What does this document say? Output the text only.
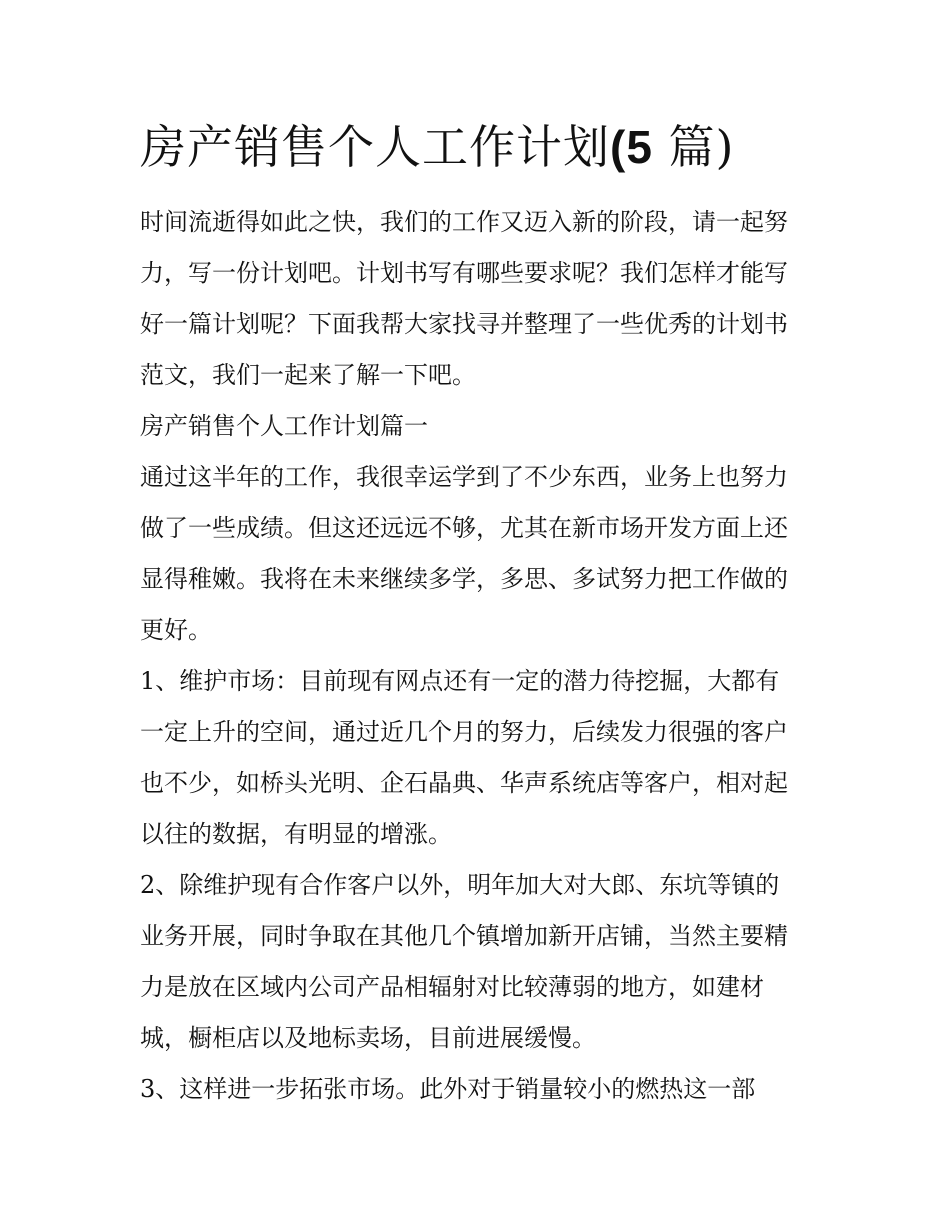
房产销售个人工作计划(5 篇)
时间流逝得如此之快，我们的工作又迈入新的阶段，请一起努
力，写一份计划吧。计划书写有哪些要求呢？我们怎样才能写
好一篇计划呢？下面我帮大家找寻并整理了一些优秀的计划书
范文，我们一起来了解一下吧。
房产销售个人工作计划篇一
通过这半年的工作，我很幸运学到了不少东西，业务上也努力
做了一些成绩。但这还远远不够，尤其在新市场开发方面上还
显得稚嫩。我将在未来继续多学，多思、多试努力把工作做的
更好。
1、维护市场：目前现有网点还有一定的潜力待挖掘，大都有
一定上升的空间，通过近几个月的努力，后续发力很强的客户
也不少，如桥头光明、企石晶典、华声系统店等客户，相对起
以往的数据，有明显的增涨。
2、除维护现有合作客户以外，明年加大对大郎、东坑等镇的
业务开展，同时争取在其他几个镇增加新开店铺，当然主要精
力是放在区域内公司产品相辐射对比较薄弱的地方，如建材
城，橱柜店以及地标卖场，目前进展缓慢。
3、这样进一步拓张市场。此外对于销量较小的燃热这一部
